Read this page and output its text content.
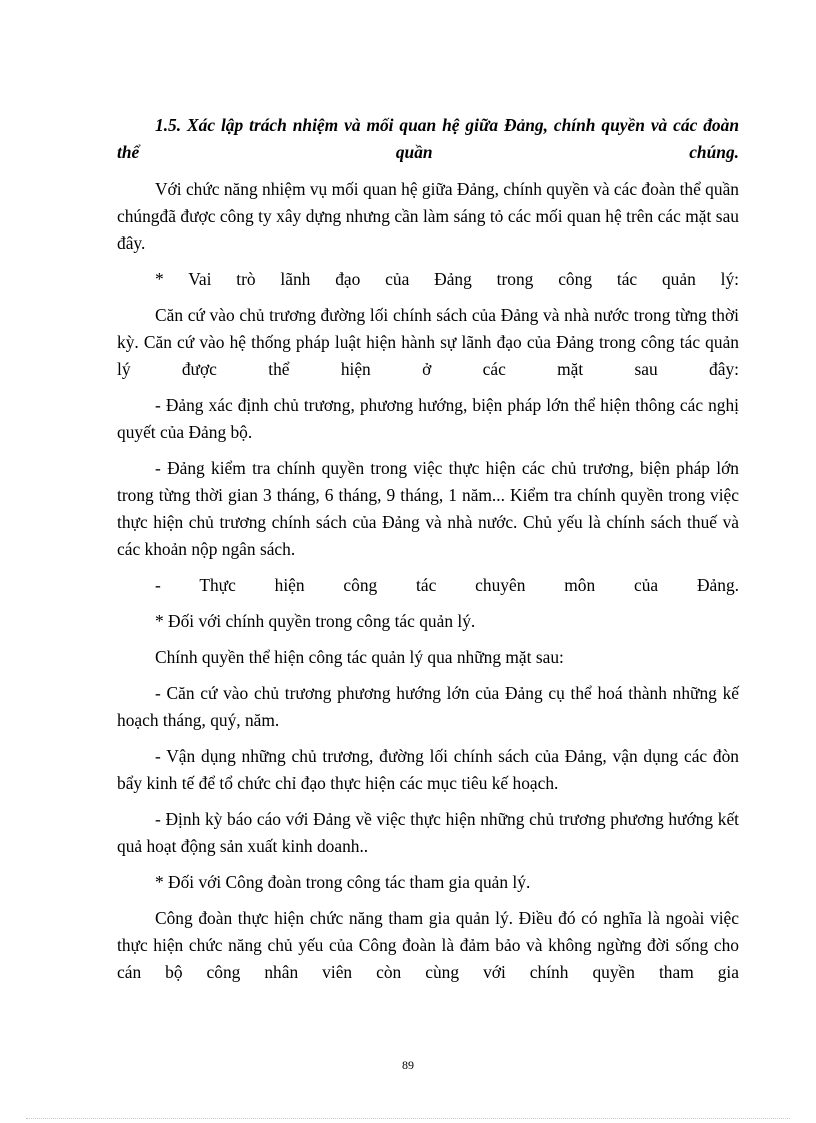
1.5. Xác lập trách nhiệm và mối quan hệ giữa Đảng, chính quyền và các đoàn thể quần chúng.

Với chức năng nhiệm vụ mối quan hệ giữa Đảng, chính quyền và các đoàn thể quần chúngđã được công ty xây dựng nhưng cần làm sáng tỏ các mối quan hệ trên các mặt sau đây.

* Vai trò lãnh đạo của Đảng trong công tác quản lý:

Căn cứ vào chủ trương đường lối chính sách của Đảng và nhà nước trong từng thời kỳ. Căn cứ vào hệ thống pháp luật hiện hành sự lãnh đạo của Đảng trong công tác quản lý được thể hiện ở các mặt sau đây:

- Đảng xác định chủ trương, phương hướng, biện pháp lớn thể hiện thông các nghị quyết của Đảng bộ.

- Đảng kiểm tra chính quyền trong việc thực hiện các chủ trương, biện pháp lớn trong từng thời gian 3 tháng, 6 tháng, 9 tháng, 1 năm... Kiểm tra chính quyền trong việc thực hiện chủ trương chính sách của Đảng và nhà nước. Chủ yếu là chính sách thuế và các khoản nộp ngân sách.

- Thực hiện công tác chuyên môn của Đảng.

* Đối với chính quyền trong công tác quản lý.

Chính quyền thể hiện công tác quản lý qua những mặt sau:

- Căn cứ vào chủ trương phương hướng lớn của Đảng cụ thể hoá thành những kế hoạch tháng, quý, năm.

- Vận dụng những chủ trương, đường lối chính sách của Đảng, vận dụng các đòn bẩy kinh tế để tổ chức chỉ đạo thực hiện các mục tiêu kế hoạch.

- Định kỳ báo cáo với Đảng về việc thực hiện những chủ trương phương hướng kết quả hoạt động sản xuất kinh doanh..

* Đối với Công đoàn trong công tác tham gia quản lý.

Công đoàn thực hiện chức năng tham gia quản lý. Điều đó có nghĩa là ngoài việc thực hiện chức năng chủ yếu của Công đoàn là đảm bảo và không ngừng đời sống cho cán bộ công nhân viên còn cùng với chính quyền tham gia

89
